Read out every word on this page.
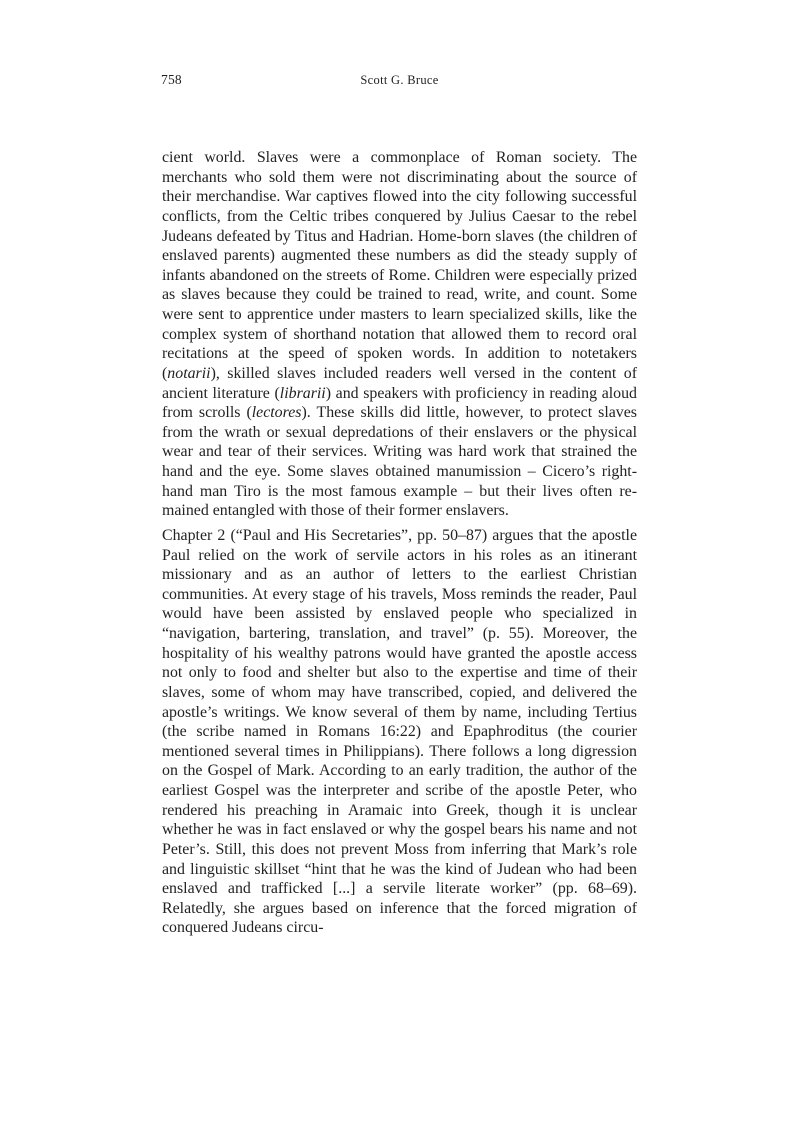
758	Scott G. Bruce

cient world. Slaves were a commonplace of Roman society. The merchants who sold them were not discriminating about the source of their merchandise. War captives flowed into the city following successful conflicts, from the Celtic tribes conquered by Julius Caesar to the rebel Judeans defeated by Titus and Hadrian. Home-born slaves (the children of enslaved parents) augmented these numbers as did the steady supply of infants abandoned on the streets of Rome. Children were especially prized as slaves because they could be trained to read, write, and count. Some were sent to apprentice under masters to learn specialized skills, like the complex system of shorthand notation that allowed them to record oral recitations at the speed of spoken words. In addition to notetakers (notarii), skilled slaves included readers well versed in the content of ancient literature (librarii) and speakers with proficiency in reading aloud from scrolls (lectores). These skills did little, however, to protect slaves from the wrath or sexual depredations of their enslavers or the physical wear and tear of their services. Writing was hard work that strained the hand and the eye. Some slaves obtained manumission – Cicero’s right-hand man Tiro is the most famous example – but their lives often remained entangled with those of their former enslavers.

Chapter 2 (“Paul and His Secretaries”, pp. 50–87) argues that the apostle Paul relied on the work of servile actors in his roles as an itinerant missionary and as an author of letters to the earliest Christian communities. At every stage of his travels, Moss reminds the reader, Paul would have been assisted by enslaved people who specialized in “navigation, bartering, translation, and travel” (p. 55). Moreover, the hospitality of his wealthy patrons would have granted the apostle access not only to food and shelter but also to the expertise and time of their slaves, some of whom may have transcribed, copied, and delivered the apostle’s writings. We know several of them by name, including Tertius (the scribe named in Romans 16:22) and Epaphroditus (the courier mentioned several times in Philippians). There follows a long digression on the Gospel of Mark. According to an early tradition, the author of the earliest Gospel was the interpreter and scribe of the apostle Peter, who rendered his preaching in Aramaic into Greek, though it is unclear whether he was in fact enslaved or why the gospel bears his name and not Peter’s. Still, this does not prevent Moss from inferring that Mark’s role and linguistic skillset “hint that he was the kind of Judean who had been enslaved and trafficked [...] a servile literate worker” (pp. 68–69). Relatedly, she argues based on inference that the forced migration of conquered Judeans circu-
